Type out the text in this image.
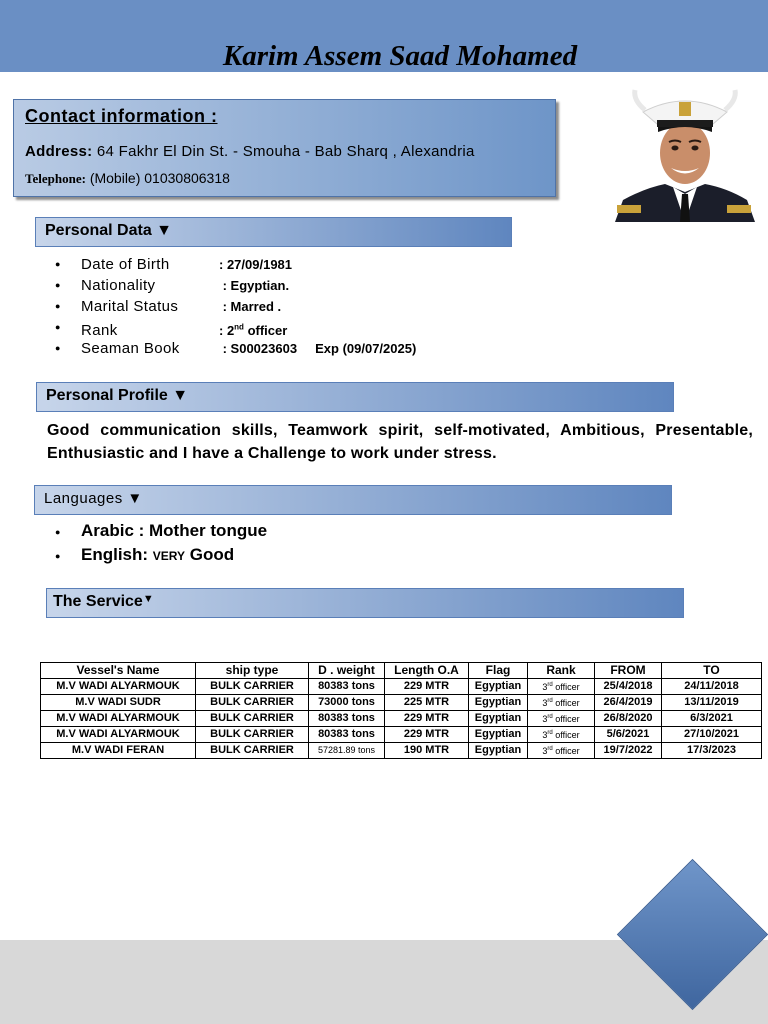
Karim Assem Saad Mohamed
Contact information :
Address: 64 Fakhr El Din St. - Smouha - Bab Sharq , Alexandria
Telephone: (Mobile) 01030806318
Personal Data ▼
● Date of Birth	: 27/09/1981
● Nationality	: Egyptian.
● Marital Status	: Marred .
● Rank	: 2nd officer
● Seaman Book	: S00023603     Exp (09/07/2025)
Personal Profile ▼

Good communication skills, Teamwork spirit, self-motivated, Ambitious, Presentable, Enthusiastic and I have a Challenge to work under stress.

Languages ▼
● Arabic : Mother tongue
● English: VERY Good
The Service▼
Vessel's Name	ship type	D . weight	Length O.A	Flag	Rank	FROM	TO
M.V WADI ALYARMOUK	BULK CARRIER	80383 tons	229 MTR	Egyptian	3rd officer	25/4/2018	24/11/2018
M.V WADI SUDR	BULK CARRIER	73000 tons	225 MTR	Egyptian	3rd officer	26/4/2019	13/11/2019
M.V WADI ALYARMOUK	BULK CARRIER	80383 tons	229 MTR	Egyptian	3rd officer	26/8/2020	6/3/2021
M.V WADI ALYARMOUK	BULK CARRIER	80383 tons	229 MTR	Egyptian	3rd officer	5/6/2021	27/10/2021
M.V WADI FERAN	BULK CARRIER	57281.89 tons	190 MTR	Egyptian	3rd officer	19/7/2022	17/3/2023
